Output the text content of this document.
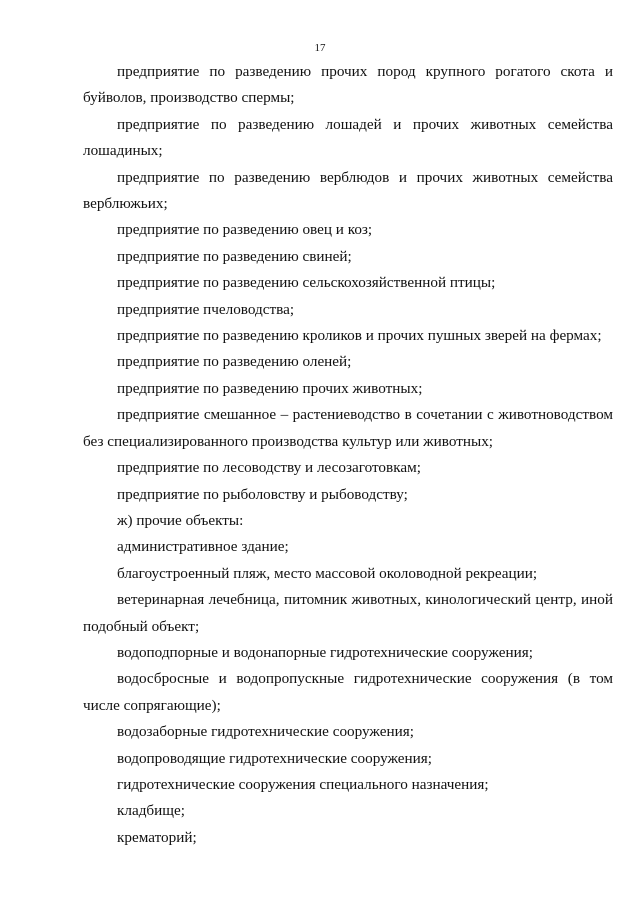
17

предприятие по разведению прочих пород крупного рогатого скота и буйволов, производство спермы;

предприятие по разведению лошадей и прочих животных семейства лошадиных;

предприятие по разведению верблюдов и прочих животных семейства верблюжьих;

предприятие по разведению овец и коз;

предприятие по разведению свиней;

предприятие по разведению сельскохозяйственной птицы;

предприятие пчеловодства;

предприятие по разведению кроликов и прочих пушных зверей на фермах;

предприятие по разведению оленей;

предприятие по разведению прочих животных;

предприятие смешанное – растениеводство в сочетании с животноводством без специализированного производства культур или животных;

предприятие по лесоводству и лесозаготовкам;

предприятие по рыболовству и рыбоводству;

ж) прочие объекты:

административное здание;

благоустроенный пляж, место массовой околоводной рекреации;

ветеринарная лечебница, питомник животных, кинологический центр, иной подобный объект;

водоподпорные и водонапорные гидротехнические сооружения;

водосбросные и водопропускные гидротехнические сооружения (в том числе сопрягающие);

водозаборные гидротехнические сооружения;

водопроводящие гидротехнические сооружения;

гидротехнические сооружения специального назначения;

кладбище;

крематорий;
